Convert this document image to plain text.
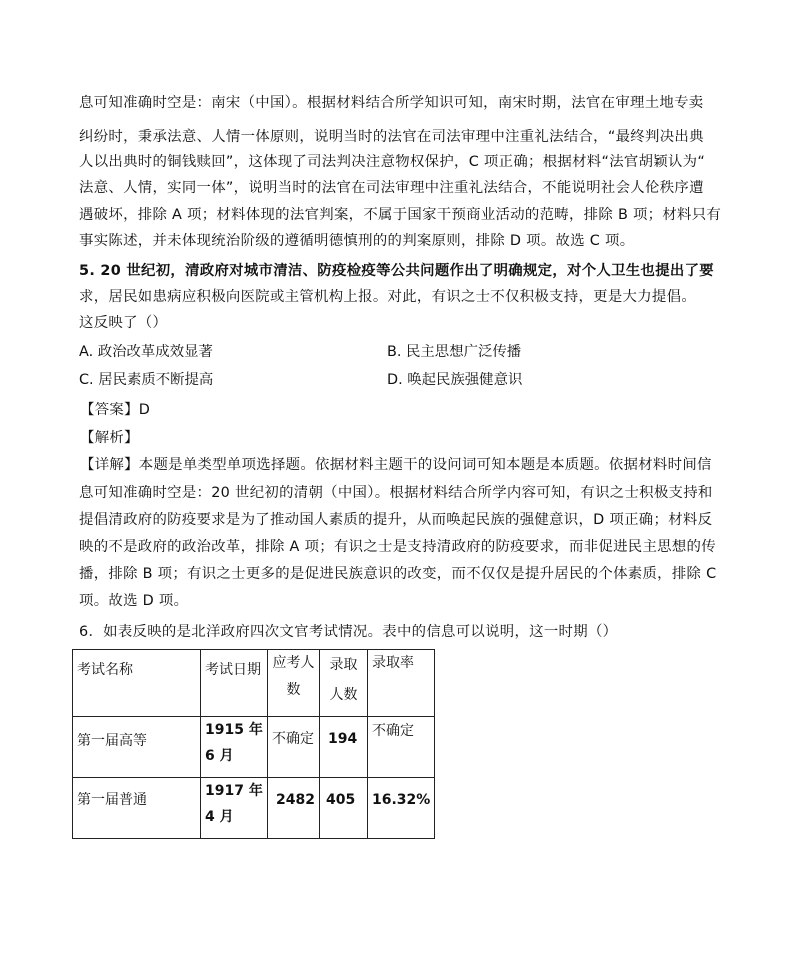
息可知准确时空是：南宋（中国）。根据材料结合所学知识可知，南宋时期，法官在审理土地专卖
纠纷时，秉承法意、人情一体原则，说明当时的法官在司法审理中注重礼法结合，“最终判决出典
人以出典时的铜钱赎回”，这体现了司法判决注意物权保护，C 项正确；根据材料“法官胡颖认为“
法意、人情，实同一体”，说明当时的法官在司法审理中注重礼法结合，不能说明社会人伦秩序遭
遇破坏，排除 A 项；材料体现的法官判案，不属于国家干预商业活动的范畴，排除 B 项；材料只有
事实陈述，并未体现统治阶级的遵循明德慎刑的的判案原则，排除 D 项。故选 C 项。
5. 20 世纪初，清政府对城市清洁、防疫检疫等公共问题作出了明确规定，对个人卫生也提出了要
求，居民如患病应积极向医院或主管机构上报。对此，有识之士不仅积极支持，更是大力提倡。
这反映了（）
A. 政治改革成效显著	B. 民主思想广泛传播
C. 居民素质不断提高	D. 唤起民族强健意识
【答案】D
【解析】
【详解】本题是单类型单项选择题。依据材料主题干的设问词可知本题是本质题。依据材料时间信
息可知准确时空是：20 世纪初的清朝（中国）。根据材料结合所学内容可知，有识之士积极支持和
提倡清政府的防疫要求是为了推动国人素质的提升，从而唤起民族的强健意识，D 项正确；材料反
映的不是政府的政治改革，排除 A 项；有识之士是支持清政府的防疫要求，而非促进民主思想的传
播，排除 B 项；有识之士更多的是促进民族意识的改变，而不仅仅是提升居民的个体素质，排除 C
项。故选 D 项。
6．如表反映的是北洋政府四次文官考试情况。表中的信息可以说明，这一时期（）
考试名称	考试日期	应考人数	录取人数	录取率

第一届高等	1915 年 6 月	不确定	194	不确定

第一届普通	1917 年 4 月	2482	405	16.32%
